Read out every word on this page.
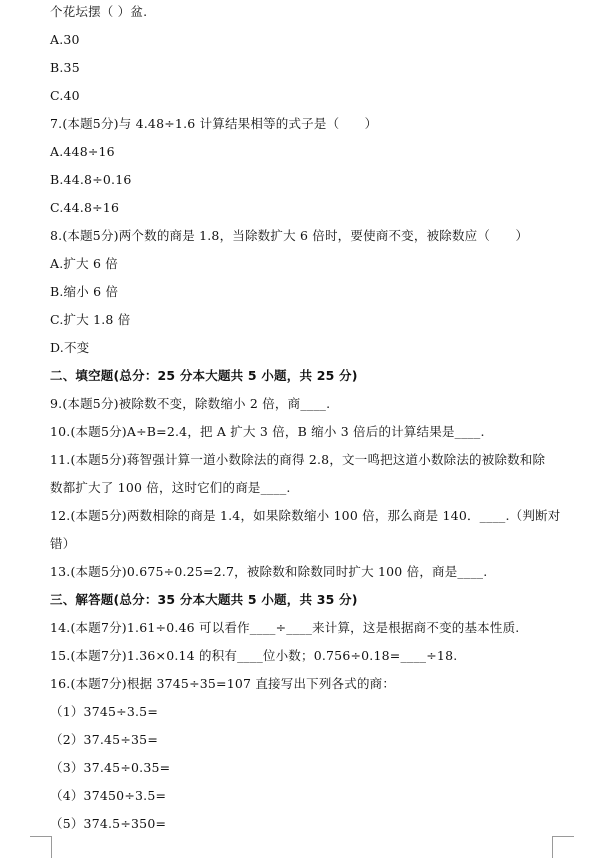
个花坛摆（ ）盆.
A.30
B.35
C.40
7.(本题5分)与 4.48÷1.6 计算结果相等的式子是（　　）
A.448÷16
B.44.8÷0.16
C.44.8÷16
8.(本题5分)两个数的商是 1.8，当除数扩大 6 倍时，要使商不变，被除数应（　　）
A.扩大 6 倍
B.缩小 6 倍
C.扩大 1.8 倍
D.不变
二、填空题(总分：25 分本大题共 5 小题，共 25 分)
9.(本题5分)被除数不变，除数缩小 2 倍，商____.
10.(本题5分)A÷B=2.4，把 A 扩大 3 倍，B 缩小 3 倍后的计算结果是____.
11.(本题5分)蒋智强计算一道小数除法的商得 2.8，文一鸣把这道小数除法的被除数和除
数都扩大了 100 倍，这时它们的商是____.
12.(本题5分)两数相除的商是 1.4，如果除数缩小 100 倍，那么商是 140．____.（判断对
错）
13.(本题5分)0.675÷0.25=2.7，被除数和除数同时扩大 100 倍，商是____.
三、解答题(总分：35 分本大题共 5 小题，共 35 分)
14.(本题7分)1.61÷0.46 可以看作____÷____来计算，这是根据商不变的基本性质.
15.(本题7分)1.36×0.14 的积有____位小数；0.756÷0.18=____÷18.
16.(本题7分)根据 3745÷35=107 直接写出下列各式的商：
（1）3745÷3.5=
（2）37.45÷35=
（3）37.45÷0.35=
（4）37450÷3.5=
（5）374.5÷350=
